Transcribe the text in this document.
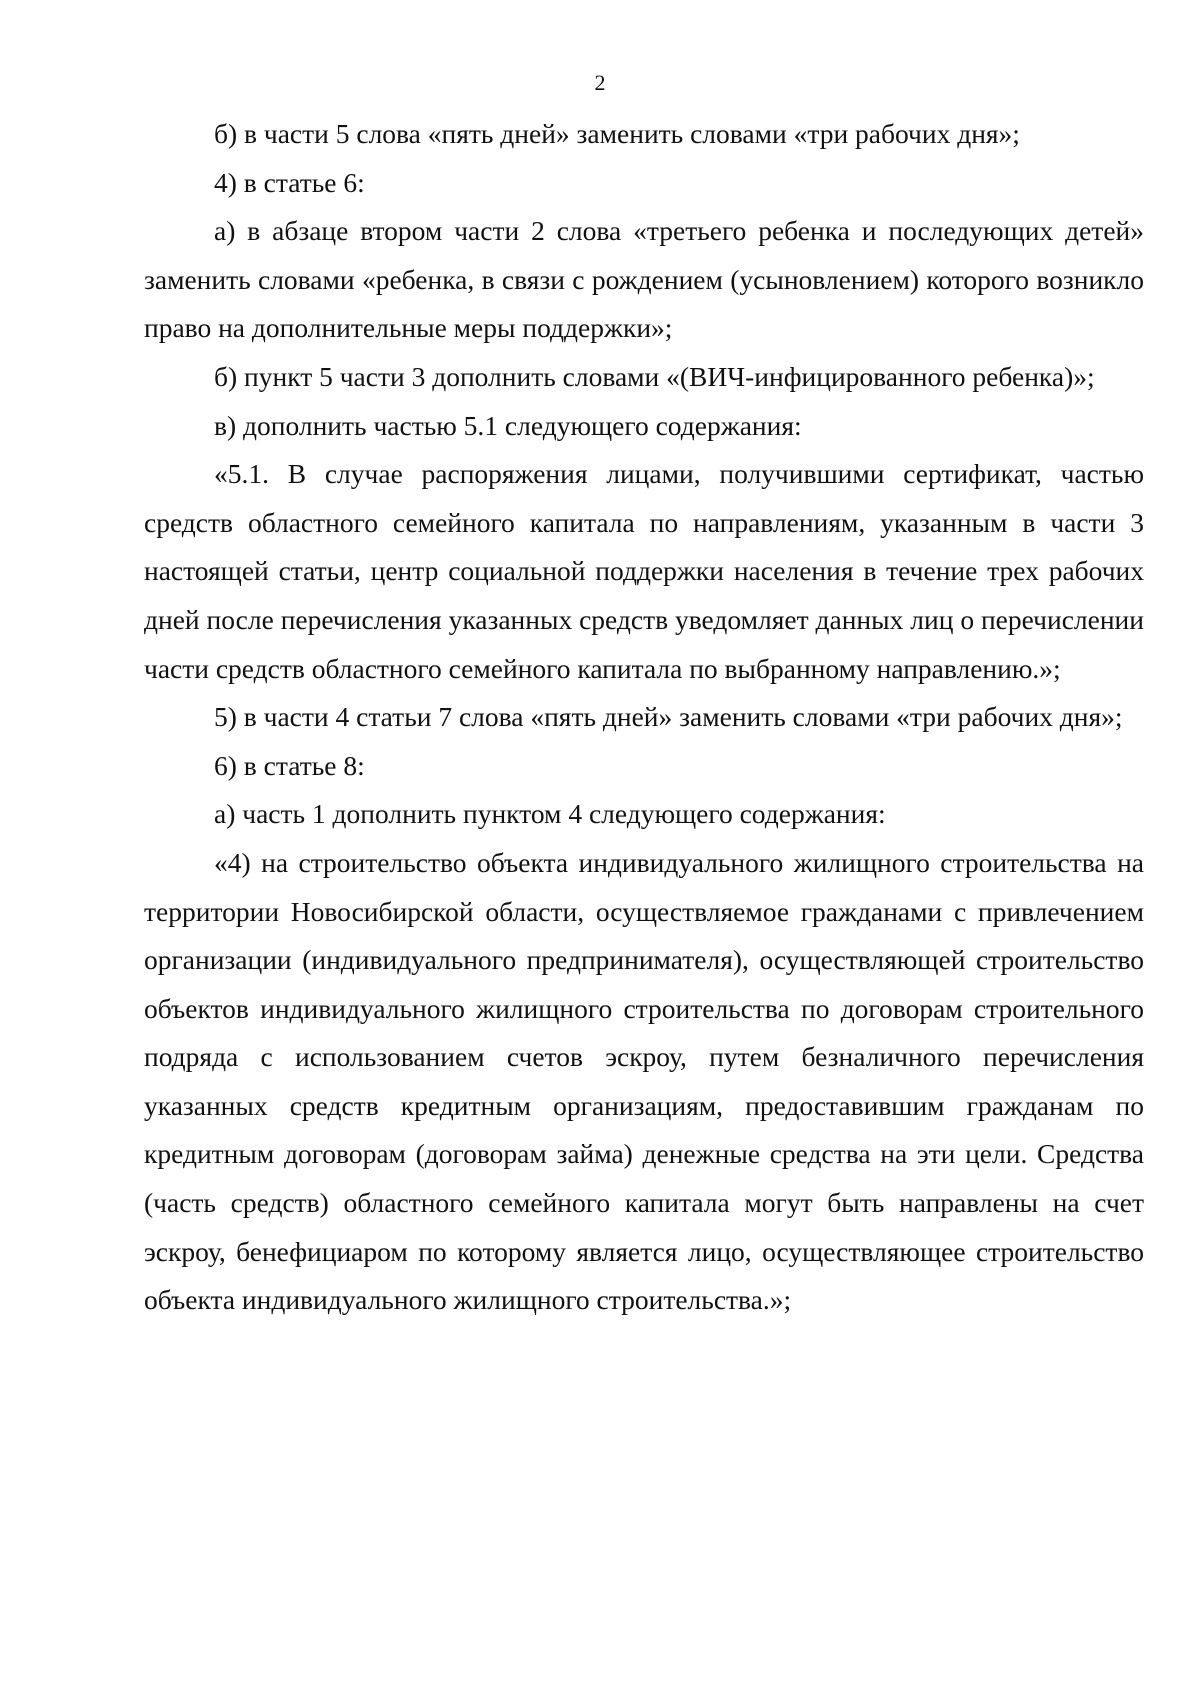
2

б) в части 5 слова «пять дней» заменить словами «три рабочих дня»;

4) в статье 6:

а) в абзаце втором части 2 слова «третьего ребенка и последующих детей» заменить словами «ребенка, в связи с рождением (усыновлением) которого возникло право на дополнительные меры поддержки»;

б) пункт 5 части 3 дополнить словами «(ВИЧ-инфицированного ребенка)»;

в) дополнить частью 5.1 следующего содержания:

«5.1. В случае распоряжения лицами, получившими сертификат, частью средств областного семейного капитала по направлениям, указанным в части 3 настоящей статьи, центр социальной поддержки населения в течение трех рабочих дней после перечисления указанных средств уведомляет данных лиц о перечислении части средств областного семейного капитала по выбранному направлению.»;

5) в части 4 статьи 7 слова «пять дней» заменить словами «три рабочих дня»;

6) в статье 8:

а) часть 1 дополнить пунктом 4 следующего содержания:

«4) на строительство объекта индивидуального жилищного строительства на территории Новосибирской области, осуществляемое гражданами с привлечением организации (индивидуального предпринимателя), осуществляющей строительство объектов индивидуального жилищного строительства по договорам строительного подряда с использованием счетов эскроу, путем безналичного перечисления указанных средств кредитным организациям, предоставившим гражданам по кредитным договорам (договорам займа) денежные средства на эти цели. Средства (часть средств) областного семейного капитала могут быть направлены на счет эскроу, бенефициаром по которому является лицо, осуществляющее строительство объекта индивидуального жилищного строительства.»;
